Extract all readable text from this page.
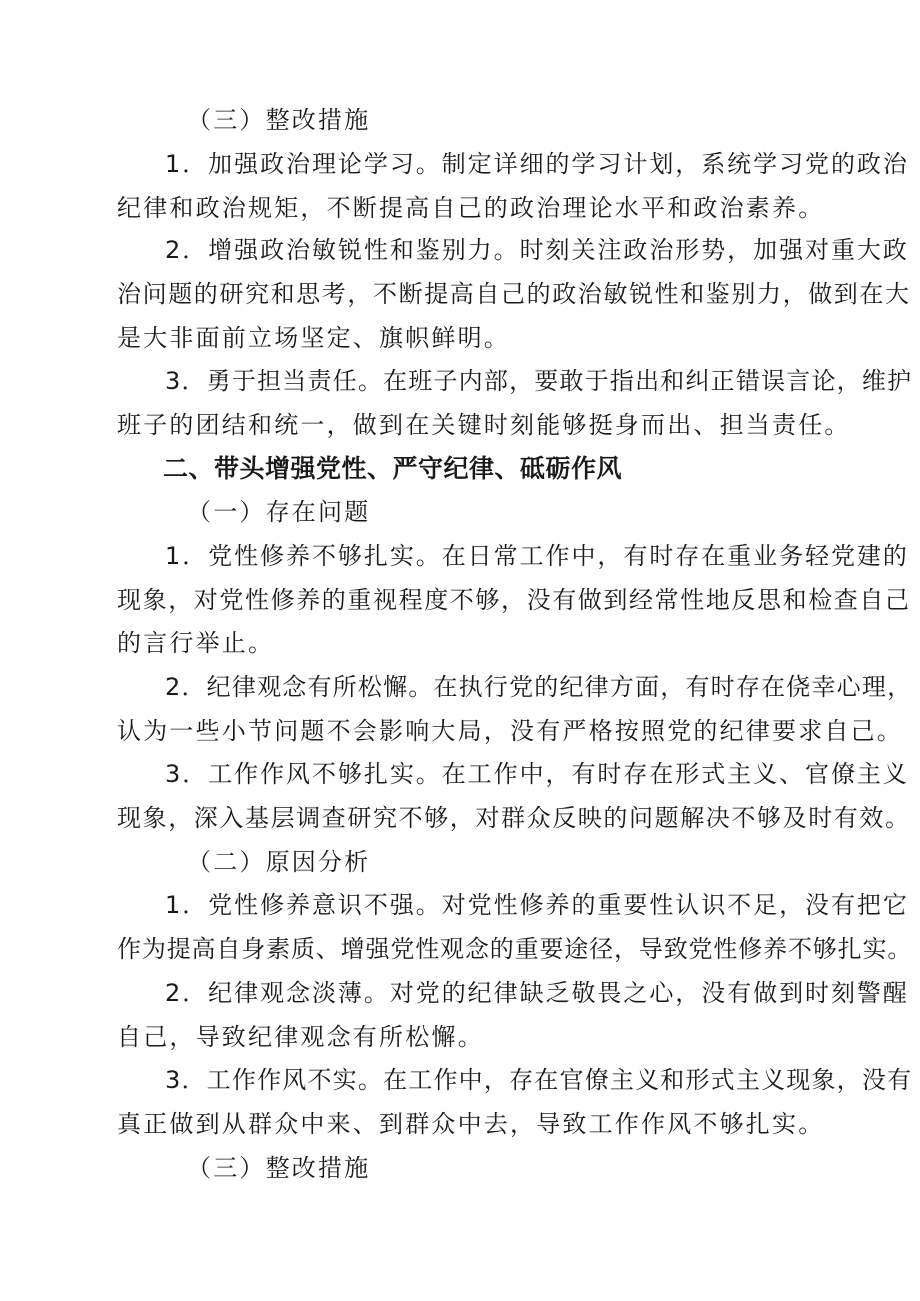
（三）整改措施
1．加强政治理论学习。制定详细的学习计划，系统学习党的政治
纪律和政治规矩，不断提高自己的政治理论水平和政治素养。
2．增强政治敏锐性和鉴别力。时刻关注政治形势，加强对重大政
治问题的研究和思考，不断提高自己的政治敏锐性和鉴别力，做到在大
是大非面前立场坚定、旗帜鲜明。
3．勇于担当责任。在班子内部，要敢于指出和纠正错误言论，维护
班子的团结和统一，做到在关键时刻能够挺身而出、担当责任。
二、带头增强党性、严守纪律、砥砺作风
（一）存在问题
1．党性修养不够扎实。在日常工作中，有时存在重业务轻党建的
现象，对党性修养的重视程度不够，没有做到经常性地反思和检查自己
的言行举止。
2．纪律观念有所松懈。在执行党的纪律方面，有时存在侥幸心理，
认为一些小节问题不会影响大局，没有严格按照党的纪律要求自己。
3．工作作风不够扎实。在工作中，有时存在形式主义、官僚主义
现象，深入基层调查研究不够，对群众反映的问题解决不够及时有效。
（二）原因分析
1．党性修养意识不强。对党性修养的重要性认识不足，没有把它
作为提高自身素质、增强党性观念的重要途径，导致党性修养不够扎实。
2．纪律观念淡薄。对党的纪律缺乏敬畏之心，没有做到时刻警醒
自己，导致纪律观念有所松懈。
3．工作作风不实。在工作中，存在官僚主义和形式主义现象，没有
真正做到从群众中来、到群众中去，导致工作作风不够扎实。
（三）整改措施
